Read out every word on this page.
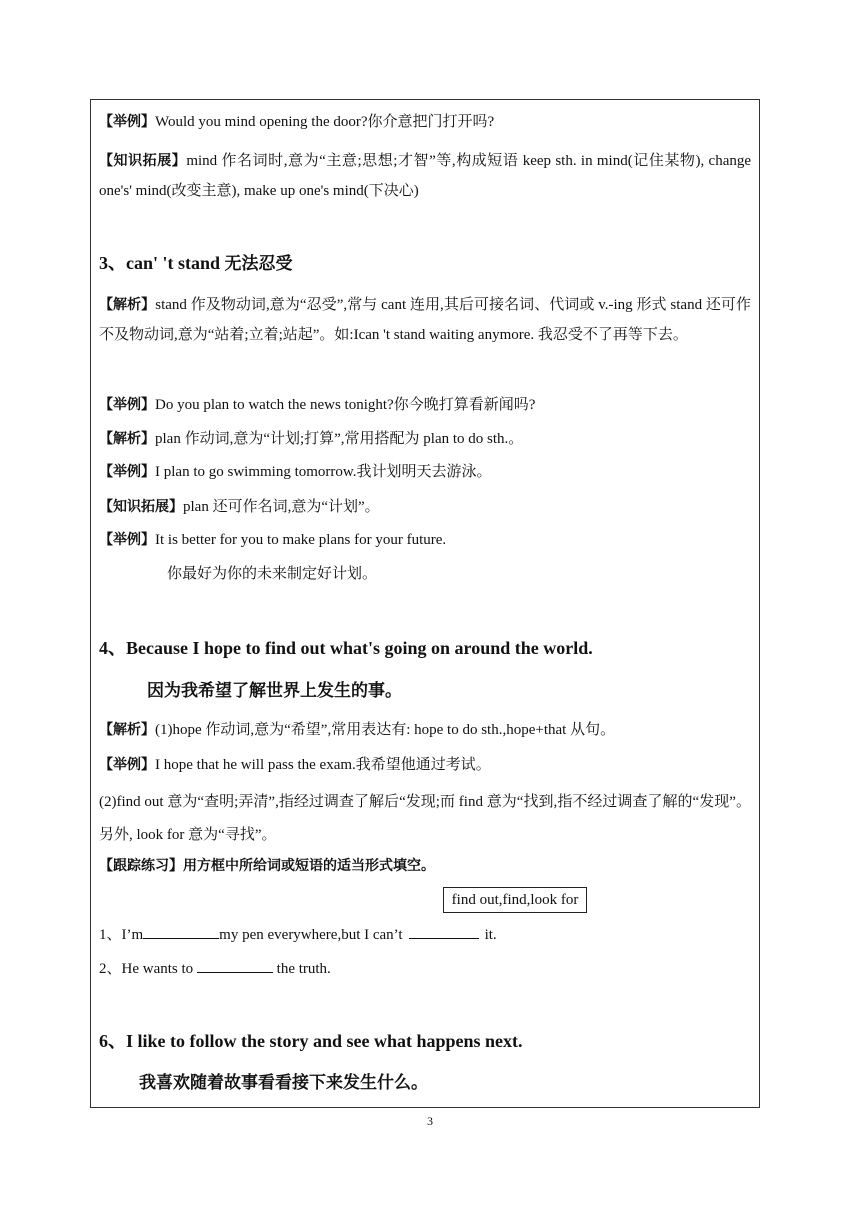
【举例】Would you mind opening the door?你介意把门打开吗?
【知识拓展】mind 作名词时,意为“主意;思想;才智”等,构成短语 keep sth. in mind(记住某物), change one's' mind(改变主意), make up one's mind(下决心)
3、can' 't stand 无法忍受
【解析】stand 作及物动词,意为“忍受”,常与 cant 连用,其后可接名词、代词或 v.-ing 形式 stand 还可作不及物动词,意为“站着;立着;站起”。如:Ican 't stand waiting anymore. 我忍受不了再等下去。
【举例】Do you plan to watch the news tonight?你今晚打算看新闻吗?
【解析】plan 作动词,意为“计划;打算”,常用搭配为 plan to do sth.。
【举例】I plan to go swimming tomorrow.我计划明天去游泳。
【知识拓展】plan 还可作名词,意为“计划”。
【举例】It is better for you to make plans for your future.
你最好为你的未来制定好计划。
4、Because I hope to find out what's going on around the world.
因为我希望了解世界上发生的事。
【解析】(1)hope 作动词,意为“希望”,常用表达有: hope to do sth.,hope+that 从句。
【举例】I hope that he will pass the exam.我希望他通过考试。
(2)find out 意为“查明;弄清”,指经过调查了解后“发现;而 find 意为“找到,指不经过调查了解的“发现”。另外, look for 意为“寻找”。
【跟踪练习】用方框中所给词或短语的适当形式填空。
find out,find,look for
1、I’m	my pen everywhere,but I can’t	it.
2、He wants to	the truth.
6、I like to follow the story and see what happens next.
我喜欢随着故事看看接下来发生什么。
3
